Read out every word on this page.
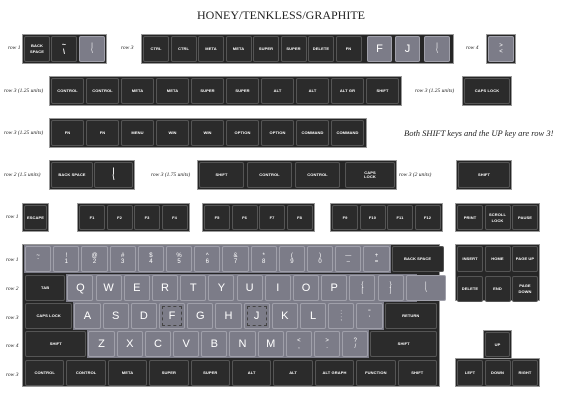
HONEY/TENKLESS/GRAPHITE
row 1	row 3	row 4
row 3 (1.25 units)	row 3 (1.25 units)
row 3 (1.25 units)
row 2 (1.5 units)	row 3 (1.75 units)	row 3 (2 units)
row 1
row 1
row 2
row 3
row 4
row 3
Both SHIFT keys and the UP key are row 3!
BACK SPACE
~
\
|
\	F J	|
\
>
<
CAPS LOCK
BACK SPACE	|
\
CAPS
LOCK	SHIFT
CTRL	CTRL	META	META	SUPER	SUPER	DELETE	FN
CONTROL	CONTROL	META	META	SUPER	SUPER	ALT	ALT	ALT GR	SHIFT
FN	FN	MENU	WIN	WIN	OPTION	OPTION	COMMAND	COMMAND
SHIFT	CONTROL	CONTROL
ESCAPE	F1	F2	F3	F4	F5	F6	F7	F8	F9	F10	F11	F12	PRINT
SCROLL LOCK
PAUSE
~
`
!
1
@
2
#
3
$
4
%
5
^
6
&
7
*
8
(
9
)
0
—
–
+
=
BACK SPACE	INSERT	HOME	PAGE UP
DELETE	END
PAGE DOWN
TAB Q W E R T Y U I O P	{
[
}
]
|
\
CAPS LOCK A S D F G H J K L	:
;
"
'
RETURN
SHIFT	Z X C V B N M	<
,
>
.
?
/
SHIFT	UP
CONTROL	CONTROL	META	SUPER	SUPER	ALT	ALT	ALT GRAPH	FUNCTION	SHIFT	LEFT	DOWN	RIGHT
